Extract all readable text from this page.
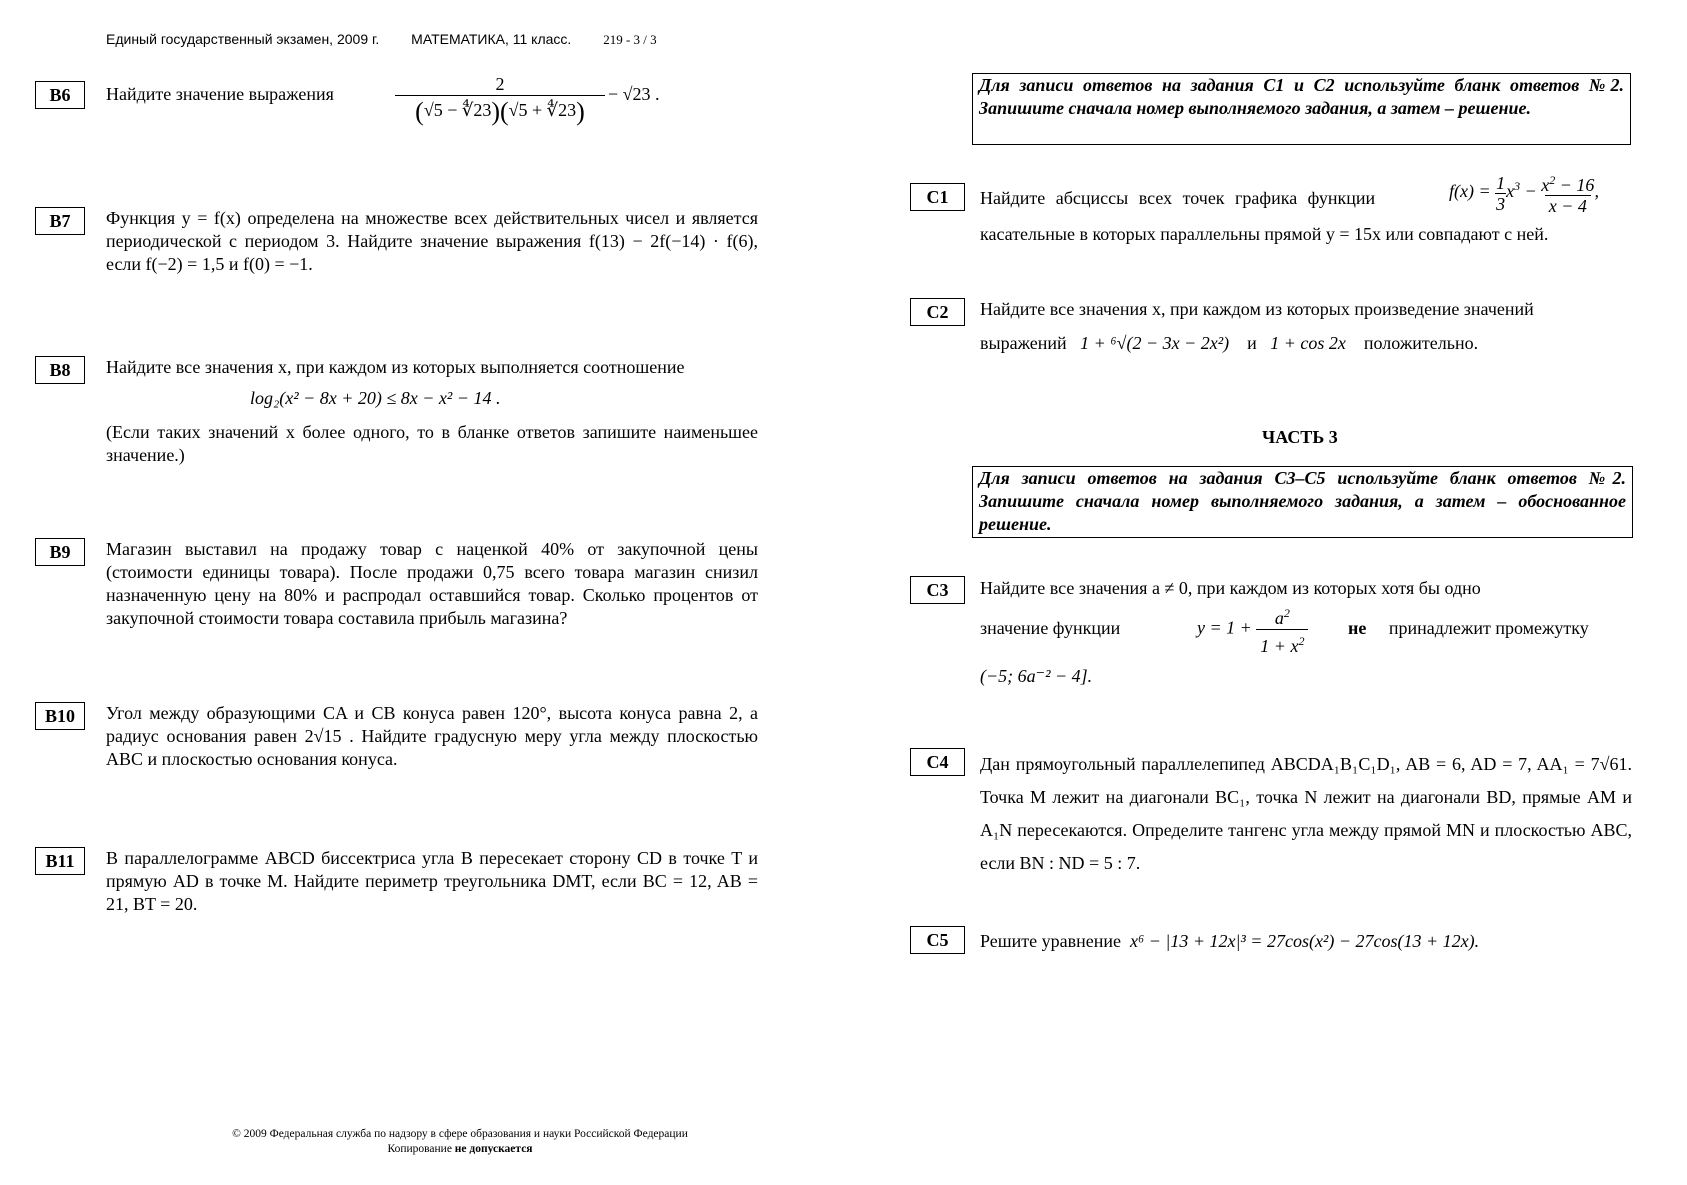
Единый государственный экзамен, 2009 г. МАТЕМАТИКА, 11 класс. 219 - 3 / 3
B6	Найдите значение выражения	$\frac{2}{(√5 - ∜23)(√5 + ∜23)} - √23$ .
B7	Функция y = f(x) определена на множестве всех действительных чисел и является периодической с периодом 3. Найдите значение выражения f(13) − 2f(−14) · f(6), если f(−2) = 1,5 и f(0) = −1.
B8	Найдите все значения x, при каждом из которых выполняется соотношение
log₂(x² − 8x + 20) ≤ 8x − x² − 14 .
(Если таких значений x более одного, то в бланке ответов запишите наименьшее значение.)
B9	Магазин выставил на продажу товар с наценкой 40% от закупочной цены (стоимости единицы товара). После продажи 0,75 всего товара магазин снизил назначенную цену на 80% и распродал оставшийся товар. Сколько процентов от закупочной стоимости товара составила прибыль магазина?
B10	Угол между образующими CA и CB конуса равен 120°, высота конуса равна 2, а радиус основания равен 2√15 . Найдите градусную меру угла между плоскостью ABC и плоскостью основания конуса.
B11	В параллелограмме ABCD биссектриса угла B пересекает сторону CD в точке T и прямую AD в точке M. Найдите периметр треугольника DMT, если BC = 12, AB = 21, BT = 20.
Для записи ответов на задания С1 и С2 используйте бланк ответов №2. Запишите сначала номер выполняемого задания, а затем – решение.
C1	Найдите абсциссы всех точек графика функции	f(x) = 1
$3x^3 - x^2 - 16$
x − 4,
касательные в которых параллельны прямой y = 15x или совпадают с ней.
C2	Найдите все значения x, при каждом из которых произведение значений
выражений 1 + ⁶√(2 − 3x − 2x²) и 1 + cos 2x положительно.
ЧАСТЬ 3
Для записи ответов на задания С3–С5 используйте бланк ответов №2. Запишите сначала номер выполняемого задания, а затем – обоснованное решение.
C3	Найдите все значения a ≠ 0, при каждом из которых хотя бы одно
значение функции	$y = 1 + a^2$
$1 + x^2$
не принадлежит промежутку
(−5; 6a⁻² − 4].
C4	Дан прямоугольный параллелепипед ABCDA₁B₁C₁D₁, AB = 6, AD = 7, AA₁ = 7√61. Точка M лежит на диагонали BC₁, точка N лежит на диагонали BD, прямые AM и A₁N пересекаются. Определите тангенс угла между прямой MN и плоскостью ABC, если BN : ND = 5 : 7.
C5	Решите уравнение x⁶ − |13 + 12x|³ = 27cos(x²) − 27cos(13 + 12x).
© 2009 Федеральная служба по надзору в сфере образования и науки Российской Федерации
Копирование не допускается
